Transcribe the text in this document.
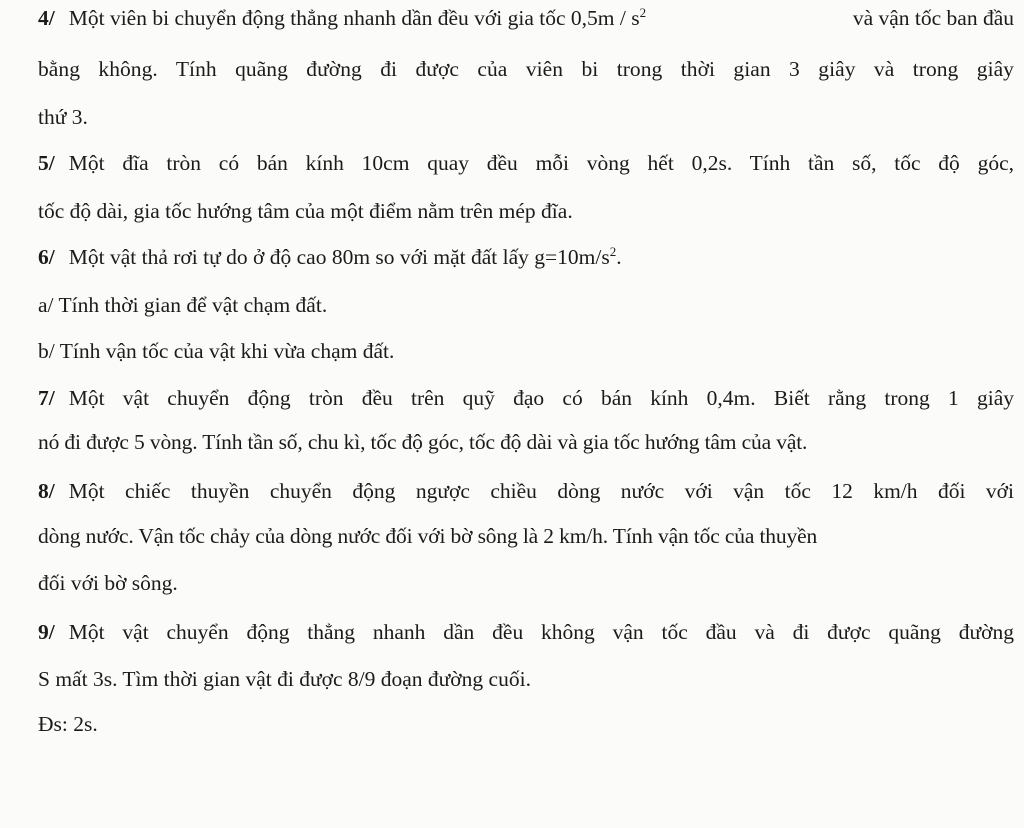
4/ Một viên bi chuyển động thẳng nhanh dần đều với gia tốc $0,5m / s^2$	và vận tốc ban đầu
bằng không. Tính quãng đường đi được của viên bi trong thời gian 3 giây và trong giây
thứ 3.
5/ Một đĩa tròn có bán kính 10cm quay đều mỗi vòng hết 0,2s. Tính tần số, tốc độ góc,
tốc độ dài, gia tốc hướng tâm của một điểm nằm trên mép đĩa.
6/ Một vật thả rơi tự do ở độ cao 80m so với mặt đất lấy $g=10m/s^2$.
a/ Tính thời gian để vật chạm đất.
b/ Tính vận tốc của vật khi vừa chạm đất.
7/ Một vật chuyển động tròn đều trên quỹ đạo có bán kính 0,4m. Biết rằng trong 1 giây
nó đi được 5 vòng. Tính tần số, chu kì, tốc độ góc, tốc độ dài và gia tốc hướng tâm của vật.
8/ Một chiếc thuyền chuyển động ngược chiều dòng nước với vận tốc 12 km/h đối với
dòng nước. Vận tốc chảy của dòng nước đối với bờ sông là 2 km/h. Tính vận tốc của thuyền
đối với bờ sông.
9/ Một vật chuyển động thẳng nhanh dần đều không vận tốc đầu và đi được quãng đường
S mất 3s. Tìm thời gian vật đi được 8/9 đoạn đường cuối.
Đs: 2s.
